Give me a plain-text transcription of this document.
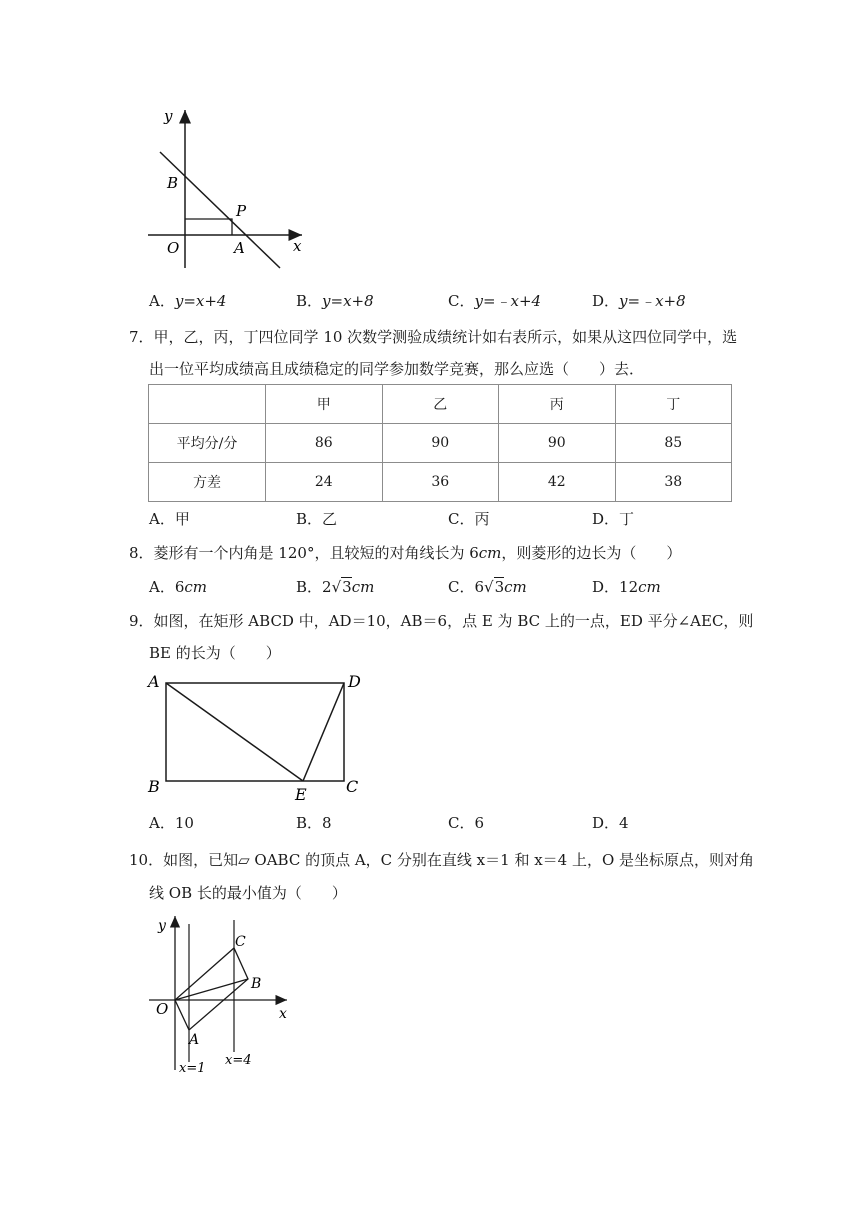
y
x
B
P
O	A
A．y=x+4	B．y=x+8	C．y=﹣x+4	D．y=﹣x+8
7．甲，乙，丙，丁四位同学 10 次数学测验成绩统计如右表所示，如果从这四位同学中，选
出一位平均成绩高且成绩稳定的同学参加数学竞赛，那么应选（　　）去．
	甲	乙	丙	丁
平均分/分	86	90	90	85
方差	24	36	42	38
A．甲	B．乙	C．丙	D．丁
8．菱形有一个内角是 120°，且较短的对角线长为 6cm，则菱形的边长为（　　）
A．6cm	B．2√3cm	C．6√3cm	D．12cm
9．如图，在矩形 ABCD 中，AD＝10，AB＝6，点 E 为 BC 上的一点，ED 平分∠AEC，则
BE 的长为（　　）
A	D
B	C
E
A．10	B．8	C．6	D．4
10．如图，已知▱ OABC 的顶点 A，C 分别在直线 x＝1 和 x＝4 上，O 是坐标原点，则对角
线 OB 长的最小值为（　　）
y
x
O
A
B
C
x=1
x=4
